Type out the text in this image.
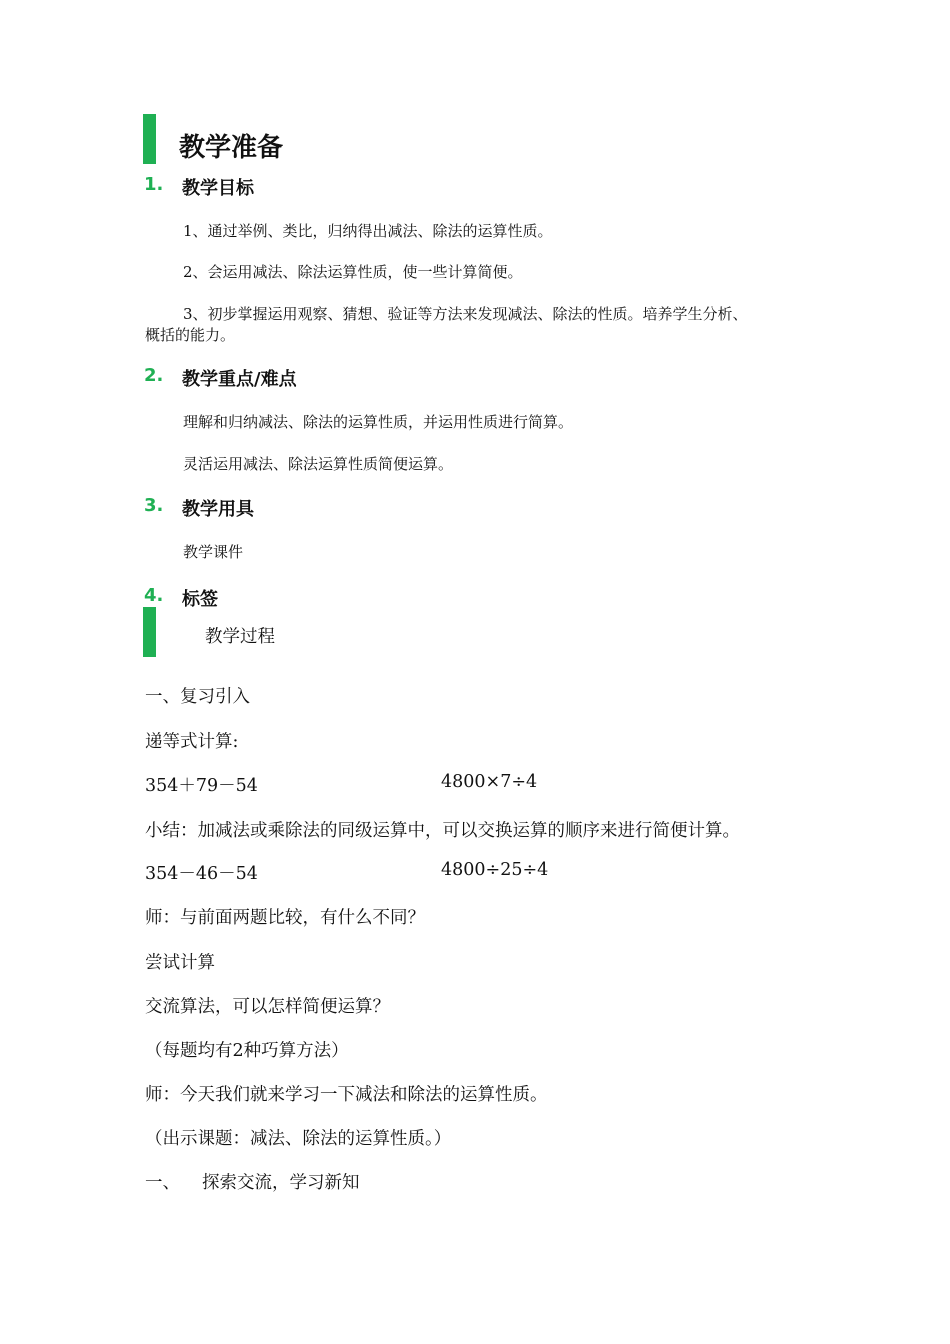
教学准备
1. 教学目标
1、通过举例、类比，归纳得出减法、除法的运算性质。
2、会运用减法、除法运算性质，使一些计算简便。
3、初步掌握运用观察、猜想、验证等方法来发现减法、除法的性质。培养学生分析、
概括的能力。
2. 教学重点/难点
理解和归纳减法、除法的运算性质，并运用性质进行简算。
灵活运用减法、除法运算性质简便运算。
3. 教学用具
教学课件
4. 标签
教学过程
一、复习引入
递等式计算:
354＋79－54	4800×7÷4
小结：加减法或乘除法的同级运算中，可以交换运算的顺序来进行简便计算。
354－46－54	4800÷25÷4
师：与前面两题比较，有什么不同？
尝试计算
交流算法，可以怎样简便运算？
（每题均有2种巧算方法）
师：今天我们就来学习一下减法和除法的运算性质。
（出示课题：减法、除法的运算性质。）
一、 探索交流，学习新知
